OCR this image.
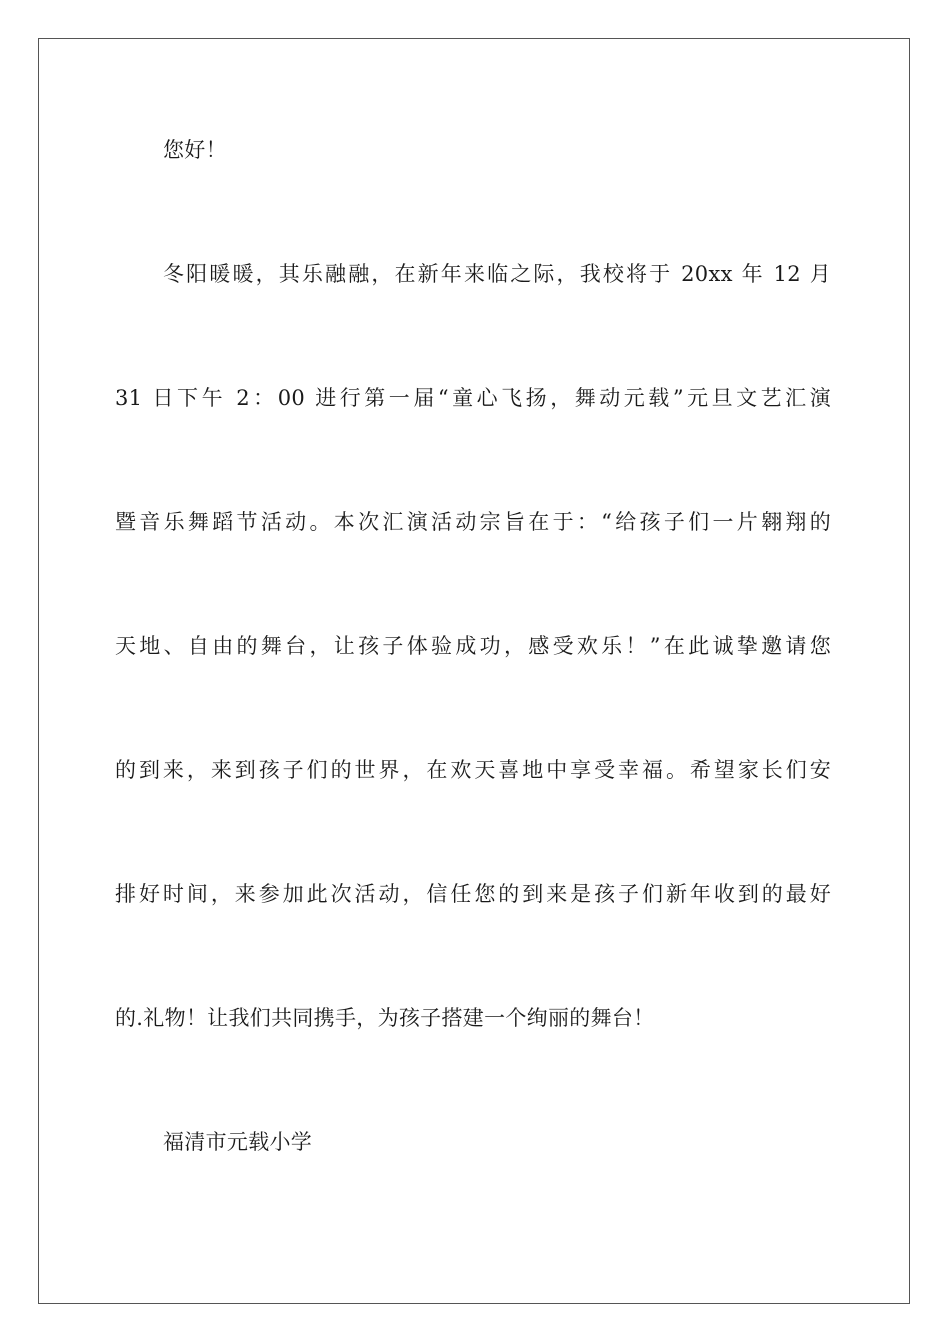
您好！
冬阳暖暖，其乐融融，在新年来临之际，我校将于 20xx 年 12 月
31 日下午 2：00 进行第一届“童心飞扬，舞动元载”元旦文艺汇演
暨音乐舞蹈节活动。本次汇演活动宗旨在于：“给孩子们一片翱翔的
天地、自由的舞台，让孩子体验成功，感受欢乐！”在此诚挚邀请您
的到来，来到孩子们的世界，在欢天喜地中享受幸福。希望家长们安
排好时间，来参加此次活动，信任您的到来是孩子们新年收到的最好
的.礼物！让我们共同携手，为孩子搭建一个绚丽的舞台！
福清市元载小学
